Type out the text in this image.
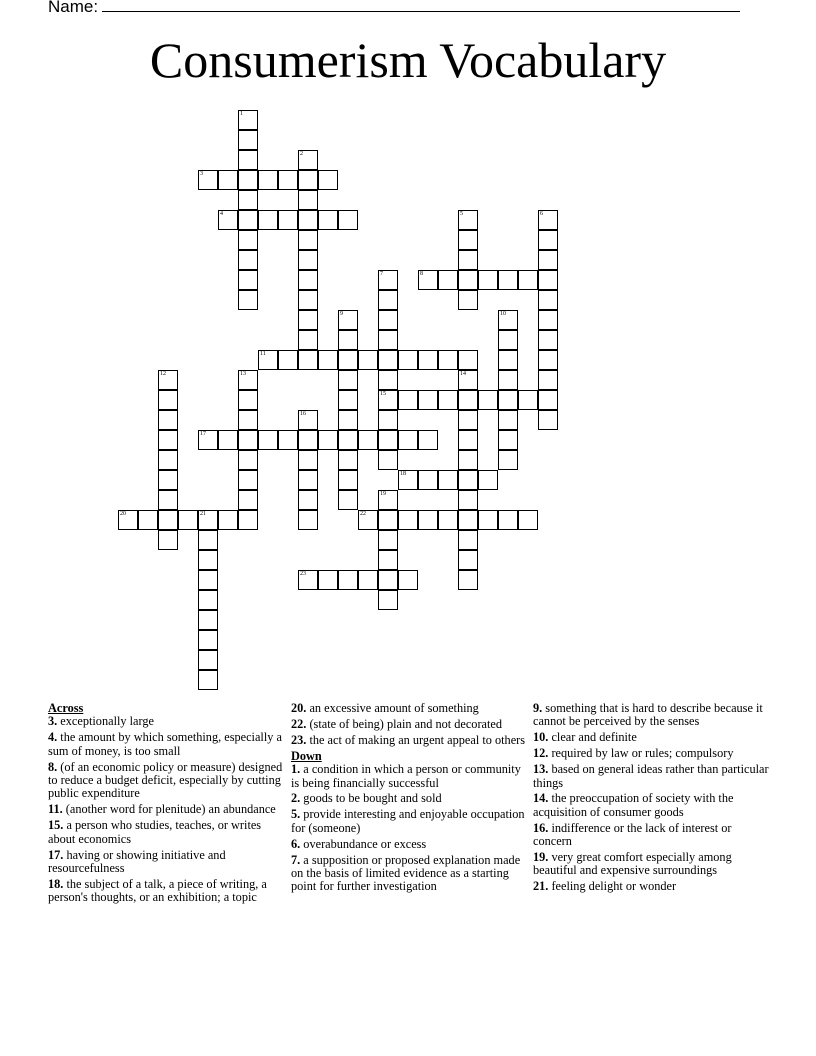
Name:
Consumerism Vocabulary
1
2
3
4	5	6
7
15
8
9	10
11
12	13	14
16
17
18
19
20	21	22
23
Across
3. exceptionally large
4. the amount by which something, especially a sum of money, is too small
8. (of an economic policy or measure) designed to reduce a budget deficit, especially by cutting public expenditure
11. (another word for plenitude) an abundance
15. a person who studies, teaches, or writes about economics
17. having or showing initiative and resourcefulness
18. the subject of a talk, a piece of writing, a person's thoughts, or an exhibition; a topic
20. an excessive amount of something
22. (state of being) plain and not decorated
23. the act of making an urgent appeal to others
Down
1. a condition in which a person or community is being financially successful
2. goods to be bought and sold
5. provide interesting and enjoyable occupation for (someone)
6. overabundance or excess
7. a supposition or proposed explanation made on the basis of limited evidence as a starting point for further investigation
9. something that is hard to describe because it cannot be perceived by the senses
10. clear and definite
12. required by law or rules; compulsory
13. based on general ideas rather than particular things
14. the preoccupation of society with the acquisition of consumer goods
16. indifference or the lack of interest or concern
19. very great comfort especially among beautiful and expensive surroundings
21. feeling delight or wonder
